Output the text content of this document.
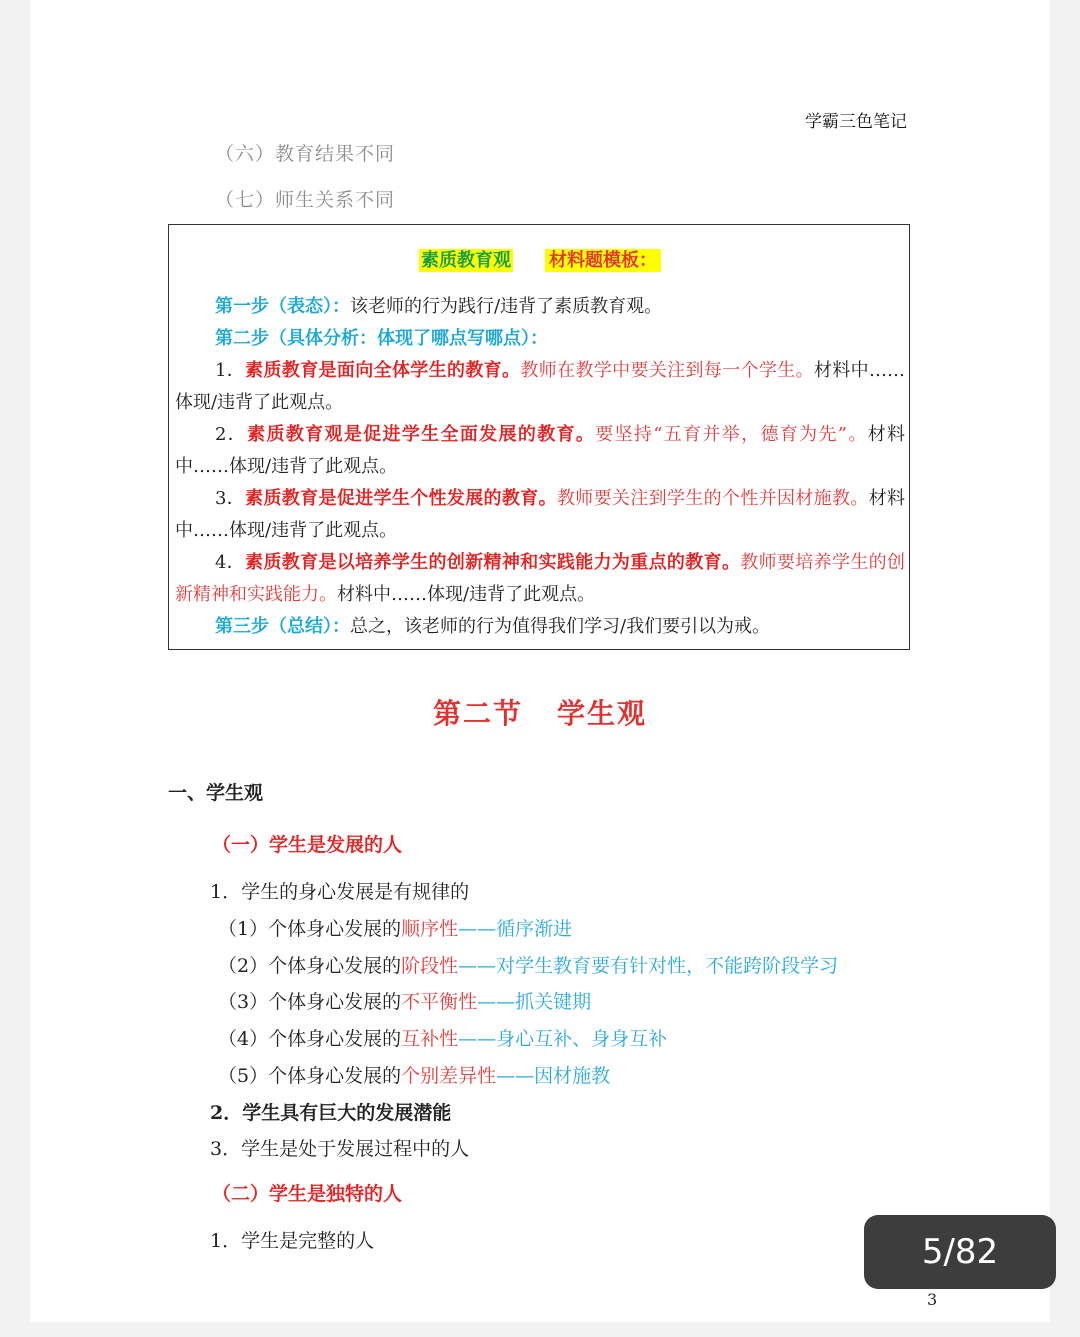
学霸三色笔记
（六）教育结果不同
（七）师生关系不同
素质教育观 材料题模板：
第一步（表态）：该老师的行为践行/违背了素质教育观。
第二步（具体分析：体现了哪点写哪点）：
1．素质教育是面向全体学生的教育。教师在教学中要关注到每一个学生。材料中……体现/违背了此观点。
2．素质教育观是促进学生全面发展的教育。要坚持“五育并举，德育为先”。材料中……体现/违背了此观点。
3．素质教育是促进学生个性发展的教育。教师要关注到学生的个性并因材施教。材料中……体现/违背了此观点。
4．素质教育是以培养学生的创新精神和实践能力为重点的教育。教师要培养学生的创新精神和实践能力。材料中……体现/违背了此观点。
第三步（总结）：总之，该老师的行为值得我们学习/我们要引以为戒。
第二节 学生观
一、学生观
（一）学生是发展的人
1．学生的身心发展是有规律的
（1）个体身心发展的顺序性——循序渐进
（2）个体身心发展的阶段性——对学生教育要有针对性，不能跨阶段学习
（3）个体身心发展的不平衡性——抓关键期
（4）个体身心发展的互补性——身心互补、身身互补
（5）个体身心发展的个别差异性——因材施教
2．学生具有巨大的发展潜能
3．学生是处于发展过程中的人
（二）学生是独特的人
1．学生是完整的人
3
5/82
